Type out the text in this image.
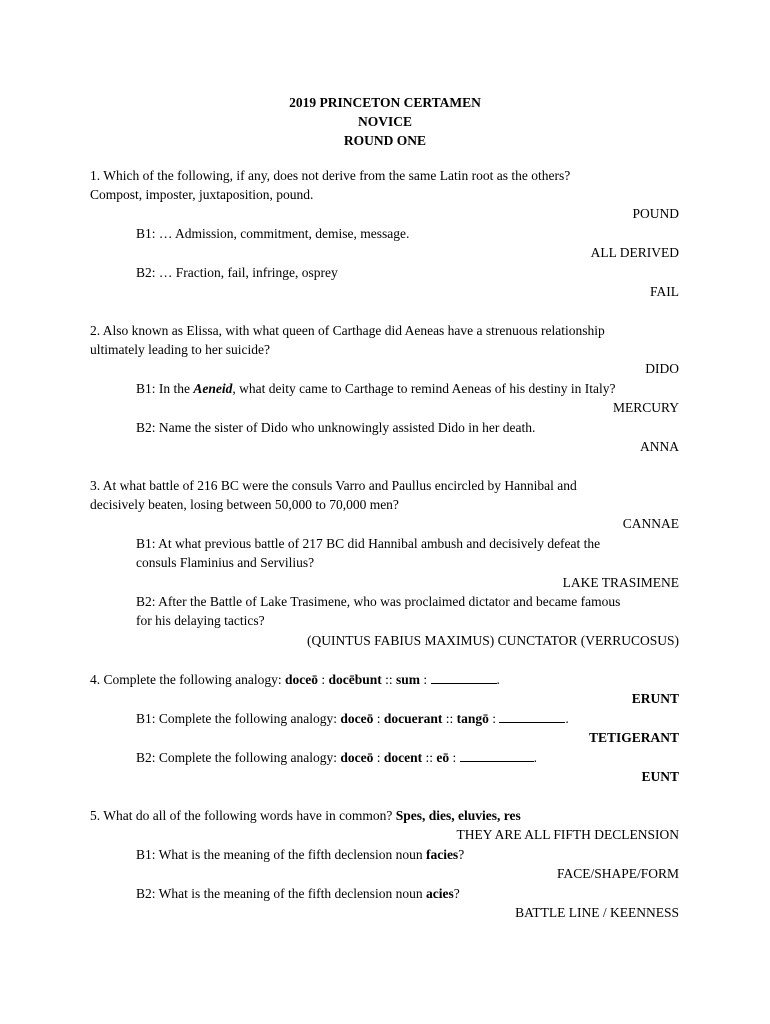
2019 PRINCETON CERTAMEN
NOVICE
ROUND ONE
1. Which of the following, if any, does not derive from the same Latin root as the others?
Compost, imposter, juxtaposition, pound.
POUND
B1: … Admission, commitment, demise, message.
ALL DERIVED
B2: … Fraction, fail, infringe, osprey
FAIL
2. Also known as Elissa, with what queen of Carthage did Aeneas have a strenuous relationship
ultimately leading to her suicide?
DIDO
B1: In the Aeneid, what deity came to Carthage to remind Aeneas of his destiny in Italy?
MERCURY
B2: Name the sister of Dido who unknowingly assisted Dido in her death.
ANNA
3. At what battle of 216 BC were the consuls Varro and Paullus encircled by Hannibal and
decisively beaten, losing between 50,000 to 70,000 men?
CANNAE
B1: At what previous battle of 217 BC did Hannibal ambush and decisively defeat the
consuls Flaminius and Servilius?
LAKE TRASIMENE
B2: After the Battle of Lake Trasimene, who was proclaimed dictator and became famous
for his delaying tactics?
(QUINTUS FABIUS MAXIMUS) CUNCTATOR (VERRUCOSUS)
4. Complete the following analogy: doceō : docēbunt :: sum :	.
ERUNT
B1: Complete the following analogy: doceō : docuerant :: tangō :	.
TETIGERANT
B2: Complete the following analogy: doceō : docent :: eō :	.
EUNT
5. What do all of the following words have in common? Spes, dies, eluvies, res
THEY ARE ALL FIFTH DECLENSION
B1: What is the meaning of the fifth declension noun facies?
FACE/SHAPE/FORM
B2: What is the meaning of the fifth declension noun acies?
BATTLE LINE / KEENNESS
